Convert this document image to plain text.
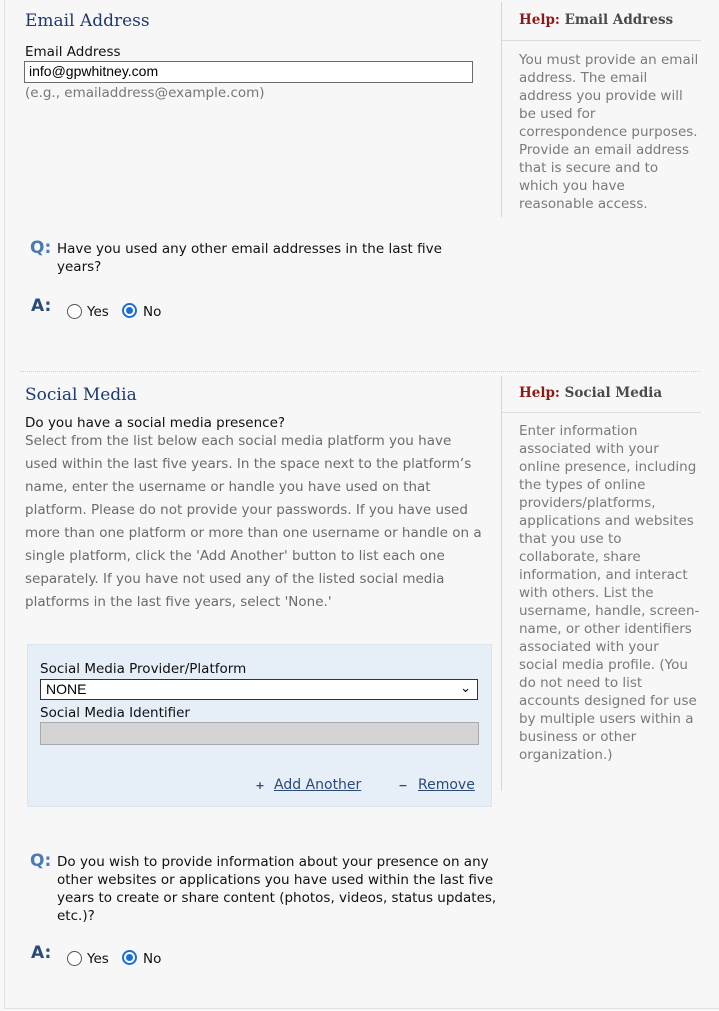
Email Address
Email Address
info@gpwhitney.com
(e.g., emailaddress@example.com)
Help: Email Address
You must provide an email address. The email address you provide will be used for correspondence purposes. Provide an email address that is secure and to which you have reasonable access.
Q: Have you used any other email addresses in the last five years?
A:	Yes	No
Social Media
Do you have a social media presence?
Select from the list below each social media platform you have used within the last five years. In the space next to the platform’s name, enter the username or handle you have used on that platform. Please do not provide your passwords. If you have used more than one platform or more than one username or handle on a single platform, click the 'Add Another' button to list each one separately. If you have not used any of the listed social media platforms in the last five years, select 'None.'
Social Media Provider/Platform
NONE	⌄
Social Media Identifier
+ Add Another	− Remove
Help: Social Media
Enter information associated with your online presence, including the types of online providers/platforms, applications and websites that you use to collaborate, share information, and interact with others. List the username, handle, screen-name, or other identifiers associated with your social media profile. (You do not need to list accounts designed for use by multiple users within a business or other organization.)
Q: Do you wish to provide information about your presence on any other websites or applications you have used within the last five years to create or share content (photos, videos, status updates, etc.)?
A:	Yes	No
